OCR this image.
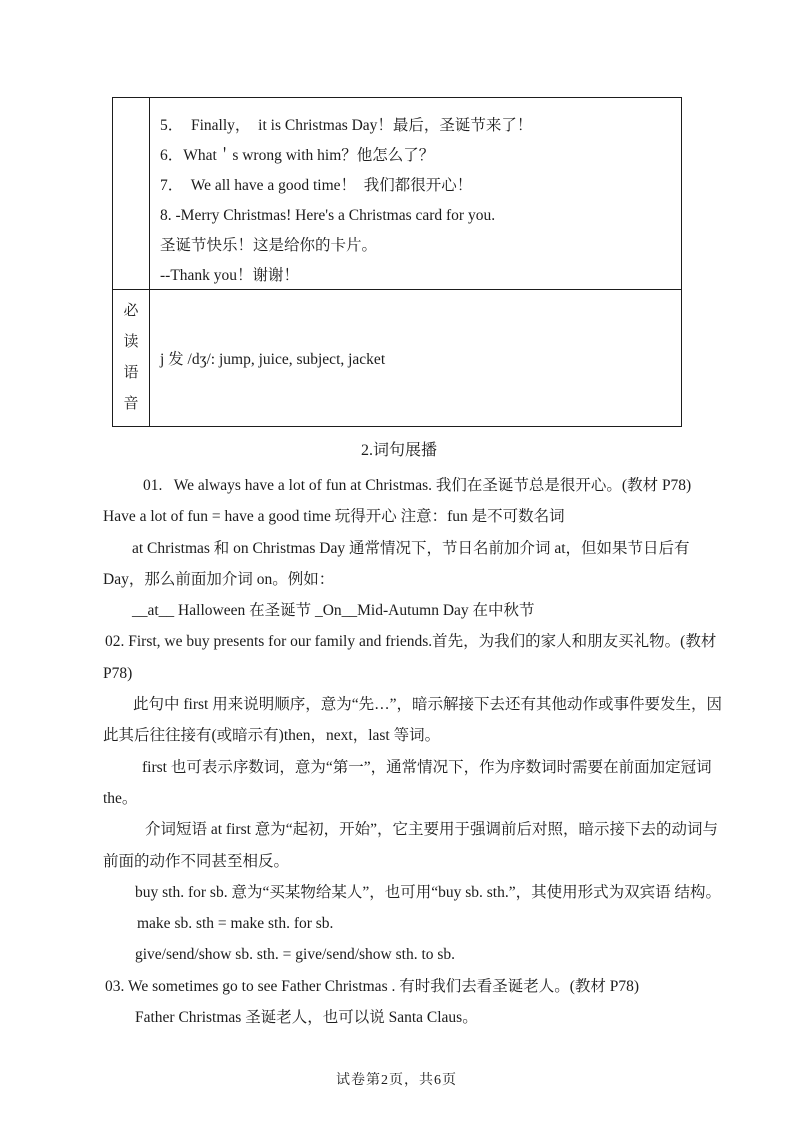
5．  Finally，  it is Christmas Day！最后，圣诞节来了！
6．What＇s wrong with him？他怎么了？
7．  We all have a good time！  我们都很开心！
8. -Merry Christmas! Here's a Christmas card for you.
圣诞节快乐！这是给你的卡片。
--Thank you！谢谢！
必
读
语
音
j 发 /dʒ/: jump, juice, subject, jacket
2.词句展播
01.   We always have a lot of fun at Christmas. 我们在圣诞节总是很开心。(教材 P78)
Have a lot of fun = have a good time 玩得开心 注意：fun 是不可数名词
at Christmas 和 on Christmas Day 通常情况下，节日名前加介词 at，但如果节日后有
Day，那么前面加介词 on。例如：
__at__ Halloween 在圣诞节 _On__Mid-Autumn Day 在中秋节
02. First, we buy presents for our family and friends.首先，为我们的家人和朋友买礼物。(教材
P78)
此句中 first 用来说明顺序，意为“先…”，暗示解接下去还有其他动作或事件要发生，因
此其后往往接有(或暗示有)then，next，last 等词。
first 也可表示序数词，意为“第一”，通常情况下，作为序数词时需要在前面加定冠词
the。
介词短语 at first 意为“起初，开始”，它主要用于强调前后对照，暗示接下去的动词与
前面的动作不同甚至相反。
buy sth. for sb. 意为“买某物给某人”，也可用“buy sb. sth.”，其使用形式为双宾语 结构。
make sb. sth = make sth. for sb.
give/send/show sb. sth. = give/send/show sth. to sb.
03. We sometimes go to see Father Christmas . 有时我们去看圣诞老人。(教材 P78)
Father Christmas 圣诞老人，也可以说 Santa Claus。
试卷第2页，共6页
